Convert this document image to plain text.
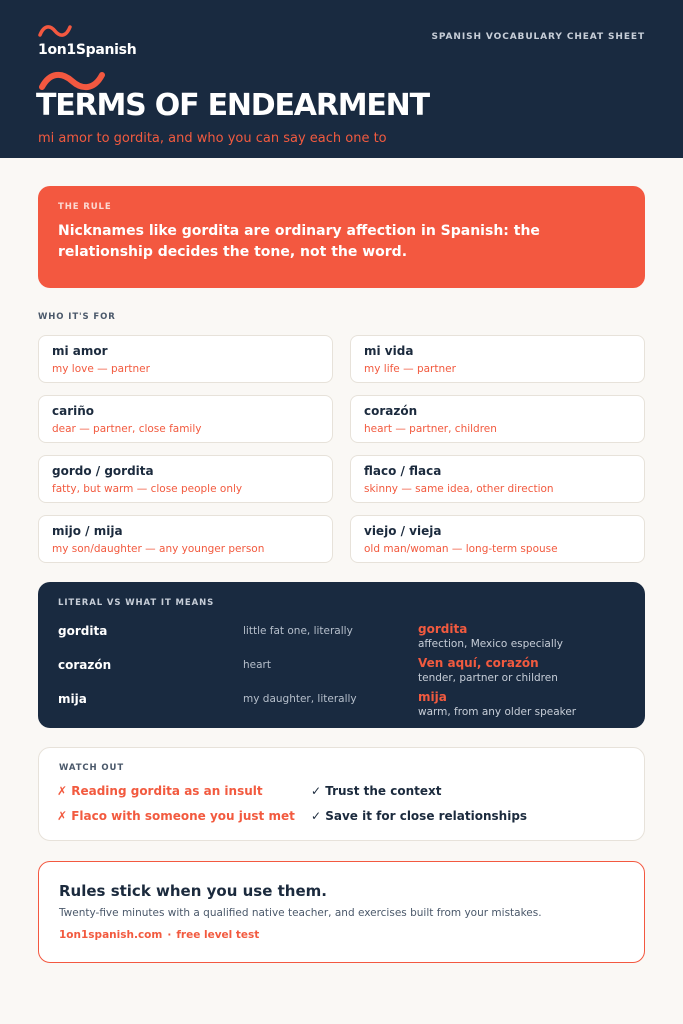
1on1Spanish
SPANISH VOCABULARY CHEAT SHEET
TERMS OF ENDEARMENT
mi amor to gordita, and who you can say each one to
THE RULE
Nicknames like gordita are ordinary affection in Spanish: the relationship decides the tone, not the word.
WHO IT'S FOR
mi amor
my love — partner
mi vida
my life — partner
cariño
dear — partner, close family
corazón
heart — partner, children
gordo / gordita
fatty, but warm — close people only
flaco / flaca
skinny — same idea, other direction
mijo / mija
my son/daughter — any younger person
viejo / vieja
old man/woman — long-term spouse
LITERAL VS WHAT IT MEANS
gordita	little fat one, literally	gordita
affection, Mexico especially
corazón	heart	Ven aquí, corazón
tender, partner or children
mija	my daughter, literally	mija
warm, from any older speaker
WATCH OUT
✗ Reading gordita as an insult
✗ Flaco with someone you just met
✓ Trust the context
✓ Save it for close relationships
Rules stick when you use them.
Twenty-five minutes with a qualified native teacher, and exercises built from your mistakes.
1on1spanish.com · free level test
